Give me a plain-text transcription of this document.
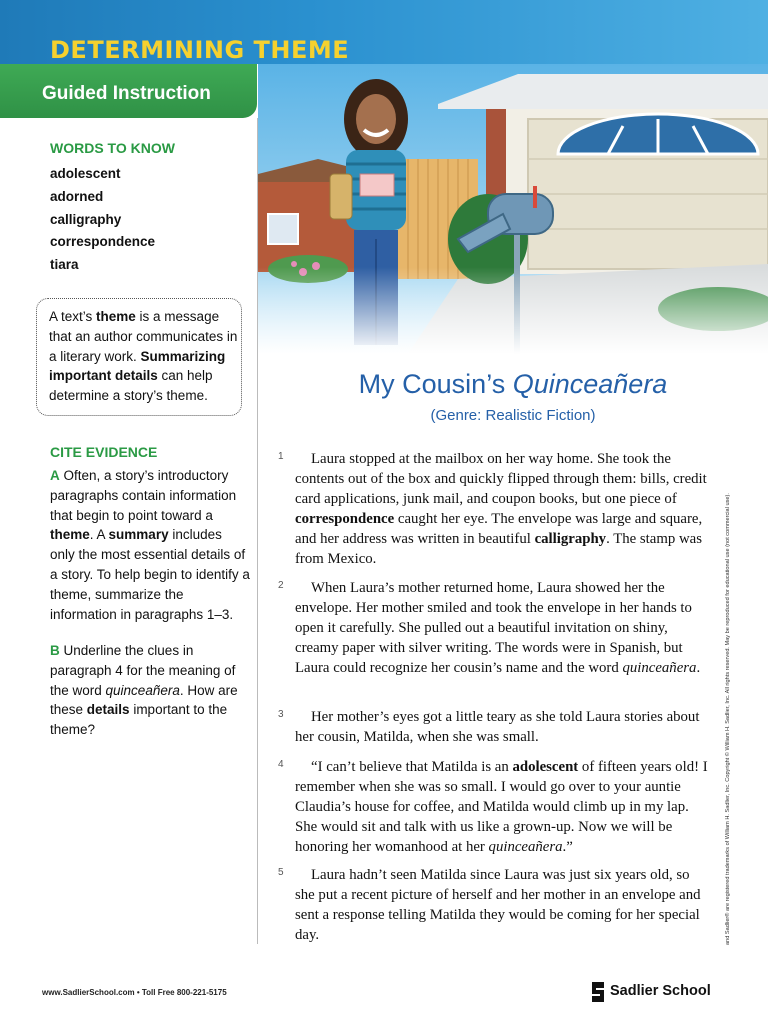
DETERMINING THEME
Guided Instruction
WORDS TO KNOW
adolescent
adorned
calligraphy
correspondence
tiara

A text’s theme is a message that an author communicates in a literary work. Summarizing important details can help determine a story’s theme.

CITE EVIDENCE

A Often, a story’s introductory paragraphs contain information that begin to point toward a theme. A summary includes only the most essential details of a story. To help begin to identify a theme, summarize the information in paragraphs 1–3.

B Underline the clues in paragraph 4 for the meaning of the word quinceañera. How are these details important to the theme?

My Cousin’s Quinceañera
(Genre: Realistic Fiction)
1	Laura stopped at the mailbox on her way home. She took the contents out of the box and quickly flipped through them: bills, credit card applications, junk mail, and coupon books, but one piece of correspondence caught her eye. The envelope was large and square, and her address was written in beautiful calligraphy. The stamp was from Mexico.

2	When Laura’s mother returned home, Laura showed her the envelope. Her mother smiled and took the envelope in her hands to open it carefully. She pulled out a beautiful invitation on shiny, creamy paper with silver writing. The words were in Spanish, but Laura could recognize her cousin’s name and the word quinceañera.

3	Her mother’s eyes got a little teary as she told Laura stories about her cousin, Matilda, when she was small.

4	“I can’t believe that Matilda is an adolescent of fifteen years old! I remember when she was so small. I would go over to your auntie Claudia’s house for coffee, and Matilda would climb up in my lap. She would sit and talk with us like a grown-up. Now we will be honoring her womanhood at her quinceañera.”

5	Laura hadn’t seen Matilda since Laura was just six years old, so she put a recent picture of herself and her mother in an envelope and sent a response telling Matilda they would be coming for her special day.	and Sadlier® are registered trademarks of William H. Sadlier, Inc. Copyright © William H. Sadlier, Inc. All rights reserved. May be reproduced for educational use (not commercial use).
www.SadlierSchool.com • Toll Free 800-221-5175	Sadlier School
